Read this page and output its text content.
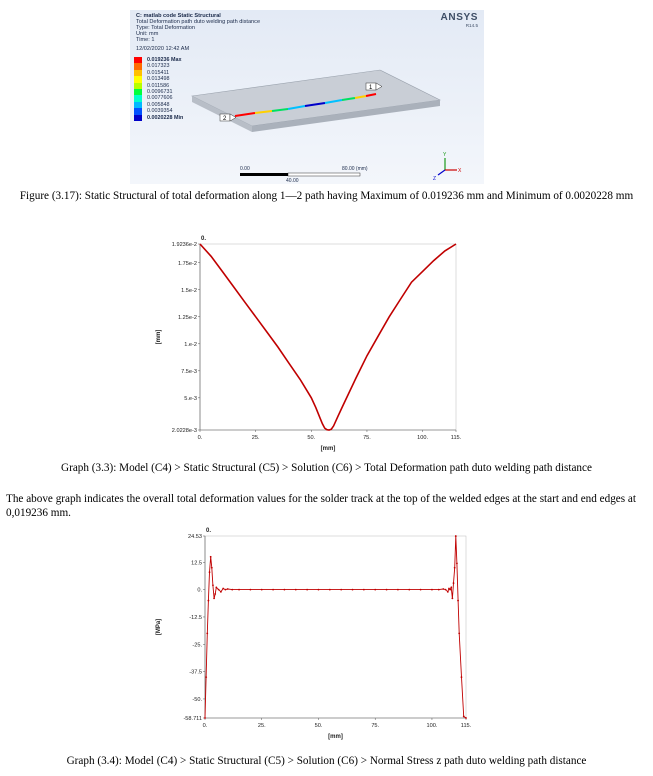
1
2
0.00	80.00 (mm)
40.00
Y
X
Z
ANSYS
R14.5
C: matlab code Static Structural
Total Deformation path duto welding path distance
Type: Total Deformation
Unit: mm
Time: 1
12/02/2020 12:42 AM
0.019236 Max
0.017323
0.015411
0.013498
0.011586
0.0096731
0.0077606
0.005848
0.0039354
0.0020228 Min
Figure (3.17): Static Structural of total deformation along 1—2 path having Maximum of 0.019236 mm and Minimum of 0.0020228 mm
1.9236e-2
1.75e-2
1.5e-2
1.25e-2
1.e-2
7.5e-3
5.e-3
2.0228e-3
0.	25.	50.	75.	100.	115.
0.
[mm]
[mm]
Graph (3.3): Model (C4) > Static Structural (C5) > Solution (C6) > Total Deformation path duto welding path distance
The above graph indicates the overall total deformation values for the solder track at the top of the welded edges at the start and end edges at 0,019236 mm.
24.53
12.5
0.
-12.5
-25.
-37.5
-50.
-58.711
0.	25.	50.	75.	100.	115.
0.
[mm]
[MPa]
Graph (3.4): Model (C4) > Static Structural (C5) > Solution (C6) > Normal Stress z path duto welding path distance
